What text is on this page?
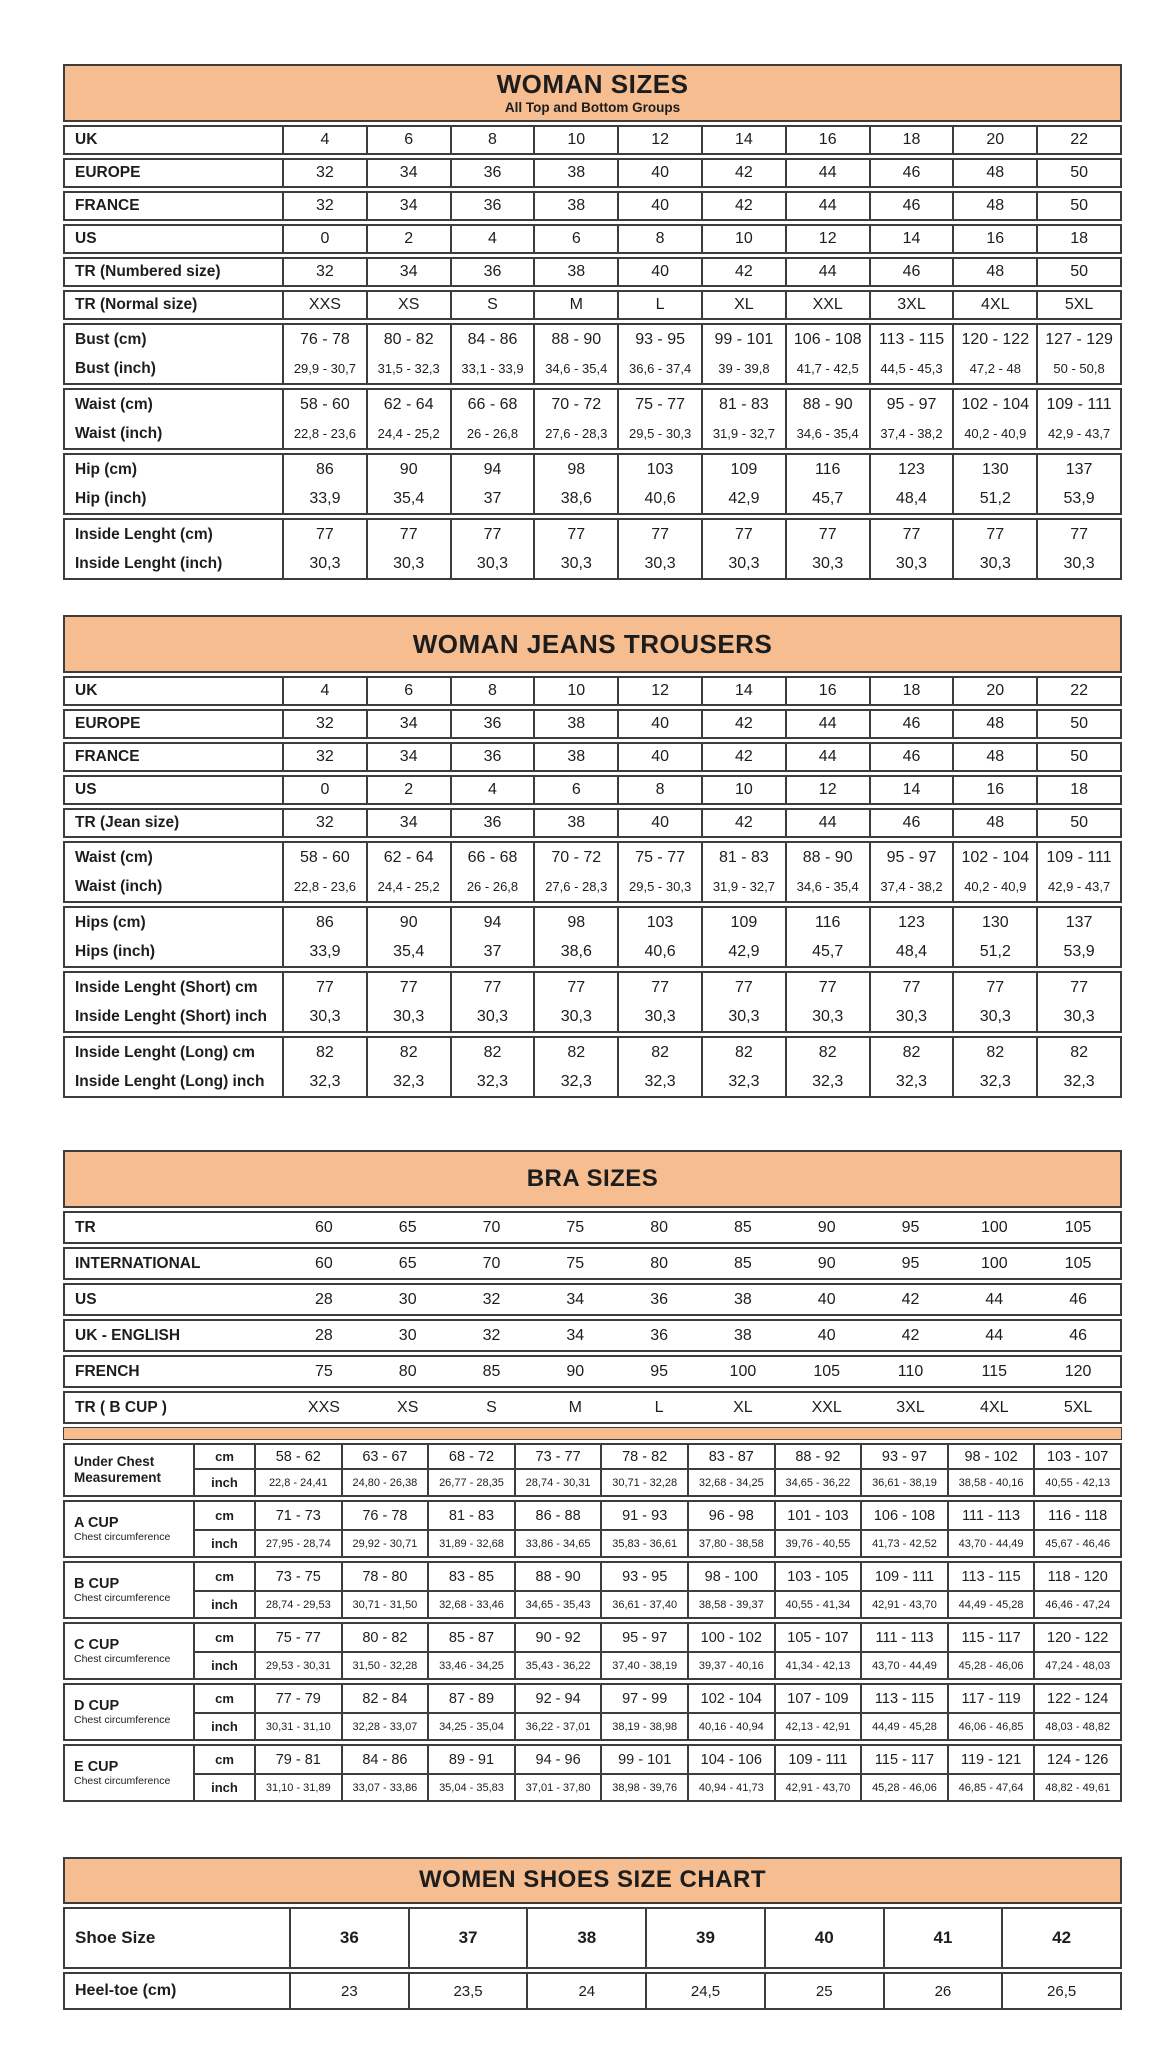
WOMAN SIZES
All Top and Bottom Groups
UK	4	6	8	10	12	14	16	18	20	22
EUROPE	32	34	36	38	40	42	44	46	48	50
FRANCE	32	34	36	38	40	42	44	46	48	50
US	0	2	4	6	8	10	12	14	16	18
TR (Numbered size)	32	34	36	38	40	42	44	46	48	50
TR (Normal size)	XXS	XS	S	M	L	XL	XXL	3XL	4XL	5XL
Bust (cm)	76 - 78	80 - 82	84 - 86	88 - 90	93 - 95	99 - 101	106 - 108	113 - 115	120 - 122	127 - 129
Bust (inch)	29,9 - 30,7	31,5 - 32,3	33,1 - 33,9	34,6 - 35,4	36,6 - 37,4	39 - 39,8	41,7 - 42,5	44,5 - 45,3	47,2 - 48	50 - 50,8
Waist (cm)	58 - 60	62 - 64	66 - 68	70 - 72	75 - 77	81 - 83	88 - 90	95 - 97	102 - 104	109 - 111
Waist (inch)	22,8 - 23,6	24,4 - 25,2	26 - 26,8	27,6 - 28,3	29,5 - 30,3	31,9 - 32,7	34,6 - 35,4	37,4 - 38,2	40,2 - 40,9	42,9 - 43,7
Hip (cm)	86	90	94	98	103	109	116	123	130	137
Hip (inch)	33,9	35,4	37	38,6	40,6	42,9	45,7	48,4	51,2	53,9
Inside Lenght (cm)	77	77	77	77	77	77	77	77	77	77
Inside Lenght (inch)	30,3	30,3	30,3	30,3	30,3	30,3	30,3	30,3	30,3	30,3
WOMAN JEANS TROUSERS
UK	4	6	8	10	12	14	16	18	20	22
EUROPE	32	34	36	38	40	42	44	46	48	50
FRANCE	32	34	36	38	40	42	44	46	48	50
US	0	2	4	6	8	10	12	14	16	18
TR (Jean size)	32	34	36	38	40	42	44	46	48	50
Waist (cm)	58 - 60	62 - 64	66 - 68	70 - 72	75 - 77	81 - 83	88 - 90	95 - 97	102 - 104	109 - 111
Waist (inch)	22,8 - 23,6	24,4 - 25,2	26 - 26,8	27,6 - 28,3	29,5 - 30,3	31,9 - 32,7	34,6 - 35,4	37,4 - 38,2	40,2 - 40,9	42,9 - 43,7
Hips (cm)	86	90	94	98	103	109	116	123	130	137
Hips (inch)	33,9	35,4	37	38,6	40,6	42,9	45,7	48,4	51,2	53,9
Inside Lenght (Short) cm	77	77	77	77	77	77	77	77	77	77
Inside Lenght (Short) inch	30,3	30,3	30,3	30,3	30,3	30,3	30,3	30,3	30,3	30,3
Inside Lenght (Long) cm	82	82	82	82	82	82	82	82	82	82
Inside Lenght (Long) inch	32,3	32,3	32,3	32,3	32,3	32,3	32,3	32,3	32,3	32,3
BRA SIZES
TR	60	65	70	75	80	85	90	95	100	105
INTERNATIONAL	60	65	70	75	80	85	90	95	100	105
US	28	30	32	34	36	38	40	42	44	46
UK - ENGLISH	28	30	32	34	36	38	40	42	44	46
FRENCH	75	80	85	90	95	100	105	110	115	120
TR ( B CUP )	XXS	XS	S	M	L	XL	XXL	3XL	4XL	5XL
Under Chest Measurement
cm	58 - 62	63 - 67	68 - 72	73 - 77	78 - 82	83 - 87	88 - 92	93 - 97	98 - 102	103 - 107
inch	22,8 - 24,41	24,80 - 26,38	26,77 - 28,35	28,74 - 30,31	30,71 - 32,28	32,68 - 34,25	34,65 - 36,22	36,61 - 38,19	38,58 - 40,16	40,55 - 42,13
A CUP
Chest circumference
cm	71 - 73	76 - 78	81 - 83	86 - 88	91 - 93	96 - 98	101 - 103	106 - 108	111 - 113	116 - 118
inch	27,95 - 28,74	29,92 - 30,71	31,89 - 32,68	33,86 - 34,65	35,83 - 36,61	37,80 - 38,58	39,76 - 40,55	41,73 - 42,52	43,70 - 44,49	45,67 - 46,46
B CUP
Chest circumference
cm	73 - 75	78 - 80	83 - 85	88 - 90	93 - 95	98 - 100	103 - 105	109 - 111	113 - 115	118 - 120
inch	28,74 - 29,53	30,71 - 31,50	32,68 - 33,46	34,65 - 35,43	36,61 - 37,40	38,58 - 39,37	40,55 - 41,34	42,91 - 43,70	44,49 - 45,28	46,46 - 47,24
C CUP
Chest circumference
cm	75 - 77	80 - 82	85 - 87	90 - 92	95 - 97	100 - 102	105 - 107	111 - 113	115 - 117	120 - 122
inch	29,53 - 30,31	31,50 - 32,28	33,46 - 34,25	35,43 - 36,22	37,40 - 38,19	39,37 - 40,16	41,34 - 42,13	43,70 - 44,49	45,28 - 46,06	47,24 - 48,03
D CUP
Chest circumference
cm	77 - 79	82 - 84	87 - 89	92 - 94	97 - 99	102 - 104	107 - 109	113 - 115	117 - 119	122 - 124
inch	30,31 - 31,10	32,28 - 33,07	34,25 - 35,04	36,22 - 37,01	38,19 - 38,98	40,16 - 40,94	42,13 - 42,91	44,49 - 45,28	46,06 - 46,85	48,03 - 48,82
E CUP
Chest circumference
cm	79 - 81	84 - 86	89 - 91	94 - 96	99 - 101	104 - 106	109 - 111	115 - 117	119 - 121	124 - 126
inch	31,10 - 31,89	33,07 - 33,86	35,04 - 35,83	37,01 - 37,80	38,98 - 39,76	40,94 - 41,73	42,91 - 43,70	45,28 - 46,06	46,85 - 47,64	48,82 - 49,61
WOMEN SHOES SIZE CHART
Shoe Size	36	37	38	39	40	41	42
Heel-toe (cm)	23	23,5	24	24,5	25	26	26,5
